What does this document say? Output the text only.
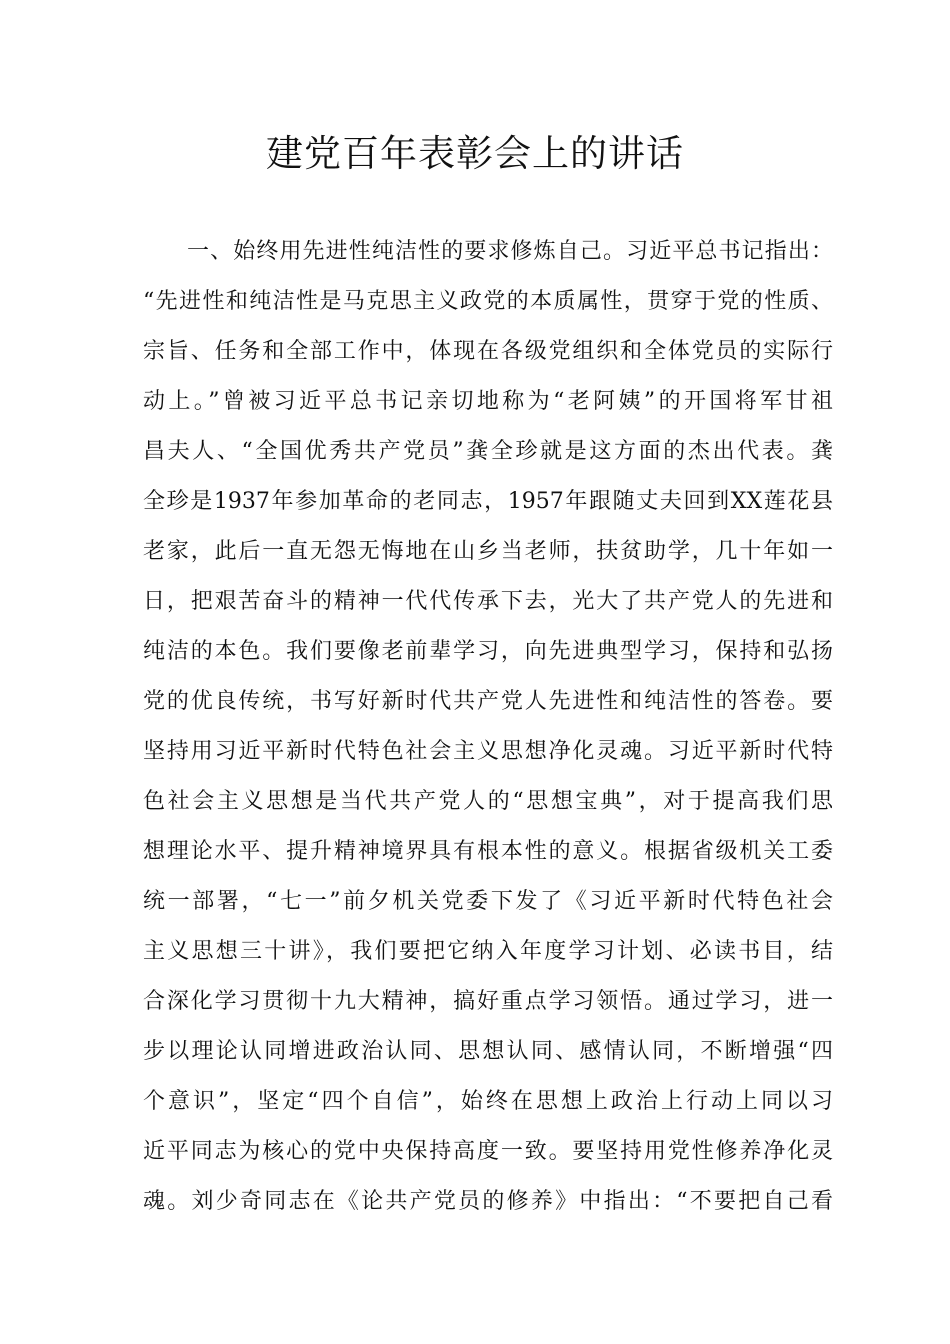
建党百年表彰会上的讲话
一、始终用先进性纯洁性的要求修炼自己。习近平总书记指出：
“先进性和纯洁性是马克思主义政党的本质属性，贯穿于党的性质、
宗旨、任务和全部工作中，体现在各级党组织和全体党员的实际行
动上。”曾被习近平总书记亲切地称为“老阿姨”的开国将军甘祖
昌夫人、“全国优秀共产党员”龚全珍就是这方面的杰出代表。龚
全珍是1937年参加革命的老同志，1957年跟随丈夫回到XX莲花县
老家，此后一直无怨无悔地在山乡当老师，扶贫助学，几十年如一
日，把艰苦奋斗的精神一代代传承下去，光大了共产党人的先进和
纯洁的本色。我们要像老前辈学习，向先进典型学习，保持和弘扬
党的优良传统，书写好新时代共产党人先进性和纯洁性的答卷。要
坚持用习近平新时代特色社会主义思想净化灵魂。习近平新时代特
色社会主义思想是当代共产党人的“思想宝典”，对于提高我们思
想理论水平、提升精神境界具有根本性的意义。根据省级机关工委
统一部署，“七一”前夕机关党委下发了《习近平新时代特色社会
主义思想三十讲》，我们要把它纳入年度学习计划、必读书目，结
合深化学习贯彻十九大精神，搞好重点学习领悟。通过学习，进一
步以理论认同增进政治认同、思想认同、感情认同，不断增强“四
个意识”，坚定“四个自信”，始终在思想上政治上行动上同以习
近平同志为核心的党中央保持高度一致。要坚持用党性修养净化灵
魂。刘少奇同志在《论共产党员的修养》中指出：“不要把自己看
